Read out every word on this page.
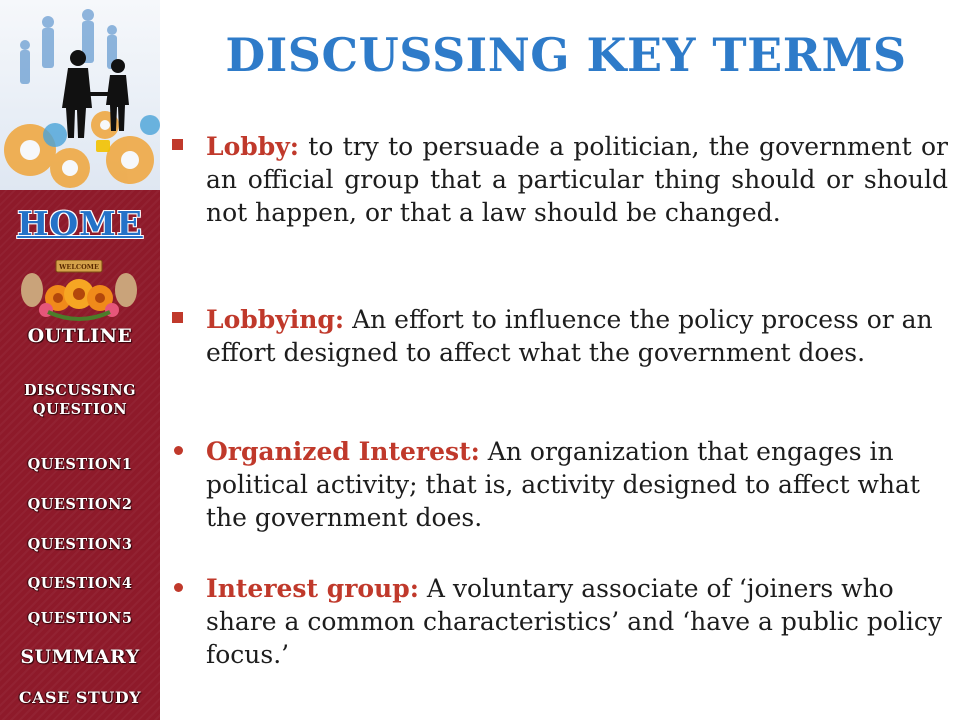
HOME
WELCOME
OUTLINE
DISCUSSING
QUESTION
QUESTION1
QUESTION2
QUESTION3
QUESTION4
QUESTION5
SUMMARY
CASE STUDY
DISCUSSING KEY TERMS
Lobby: to try to persuade a politician, the government or an official group that a particular thing should or should not happen, or that a law should be changed.
Lobbying: An effort to influence the policy process or an effort designed to affect what the government does.
Organized Interest: An organization that engages in political activity; that is, activity designed to affect what the government does.
Interest group: A voluntary associate of ‘joiners who share a common characteristics’ and ‘have a public policy focus.’
